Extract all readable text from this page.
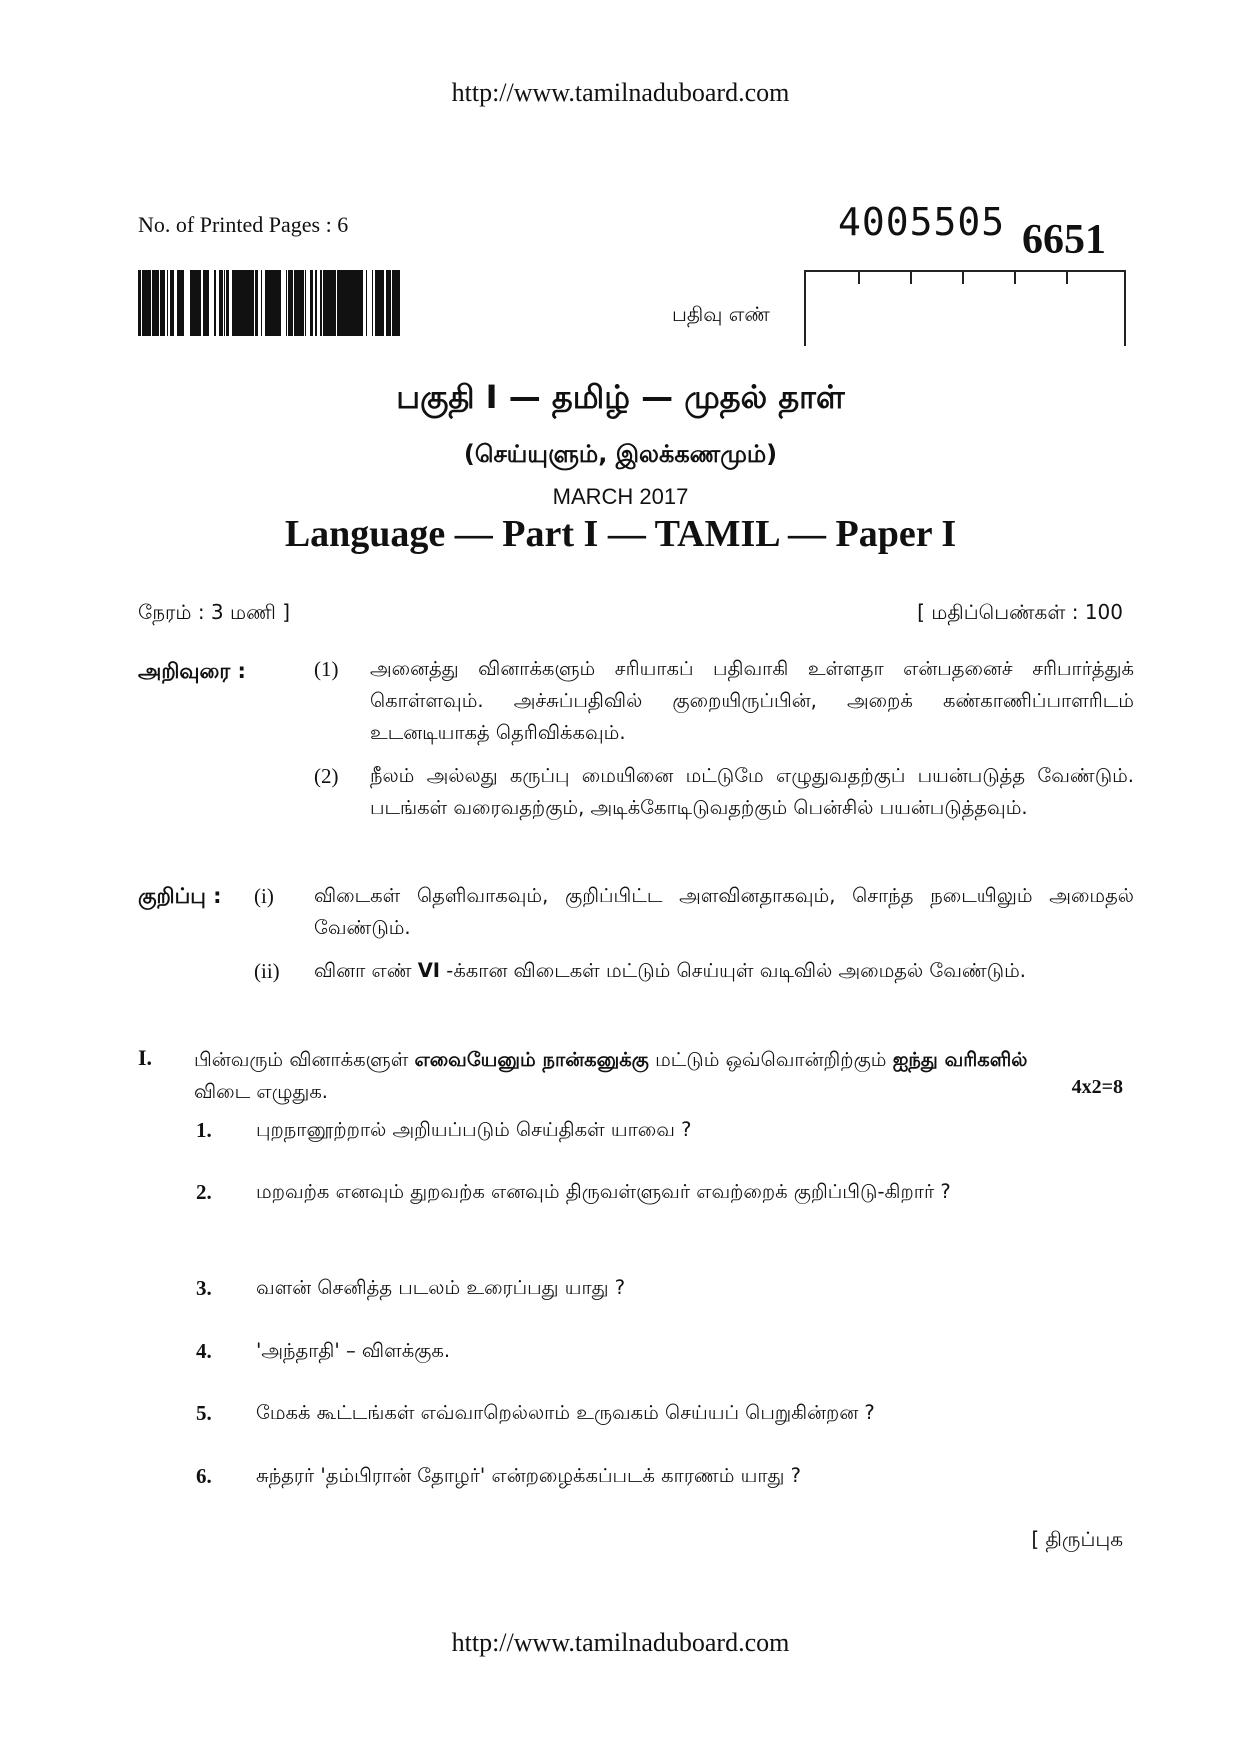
http://www.tamilnaduboard.com
No. of Printed Pages : 6	4005505 6651
பதிவு எண்
பகுதி I — தமிழ் — முதல் தாள்
(செய்யுளும், இலக்கணமும்)
MARCH 2017
Language — Part I — TAMIL — Paper I
நேரம் : 3 மணி ]	[ மதிப்பெண்கள் : 100
அறிவுரை :	(1) அனைத்து வினாக்களும் சரியாகப் பதிவாகி உள்ளதா என்பதனைச் சரிபார்த்துக் கொள்ளவும். அச்சுப்பதிவில் குறையிருப்பின், அறைக் கண்காணிப்பாளரிடம் உடனடியாகத் தெரிவிக்கவும்.
(2) நீலம் அல்லது கருப்பு மையினை மட்டுமே எழுதுவதற்குப் பயன்படுத்த வேண்டும். படங்கள் வரைவதற்கும், அடிக்கோடிடுவதற்கும் பென்சில் பயன்படுத்தவும்.
குறிப்பு : (i) விடைகள் தெளிவாகவும், குறிப்பிட்ட அளவினதாகவும், சொந்த நடையிலும் அமைதல் வேண்டும்.
(ii) வினா எண் VI -க்கான விடைகள் மட்டும் செய்யுள் வடிவில் அமைதல் வேண்டும்.
I. பின்வரும் வினாக்களுள் எவையேனும் நான்கனுக்கு மட்டும் ஒவ்வொன்றிற்கும் ஐந்து வரிகளில் விடை எழுதுக.	4x2=8
1. புறநானூற்றால் அறியப்படும் செய்திகள் யாவை ?
2. மறவற்க எனவும் துறவற்க எனவும் திருவள்ளுவர் எவற்றைக் குறிப்பிடு-கிறார் ?
3. வளன் செனித்த படலம் உரைப்பது யாது ?
4. 'அந்தாதி' – விளக்குக.
5. மேகக் கூட்டங்கள் எவ்வாறெல்லாம் உருவகம் செய்யப் பெறுகின்றன ?
6. சுந்தரர் 'தம்பிரான் தோழர்' என்றழைக்கப்படக் காரணம் யாது ?
[ திருப்புக
http://www.tamilnaduboard.com
